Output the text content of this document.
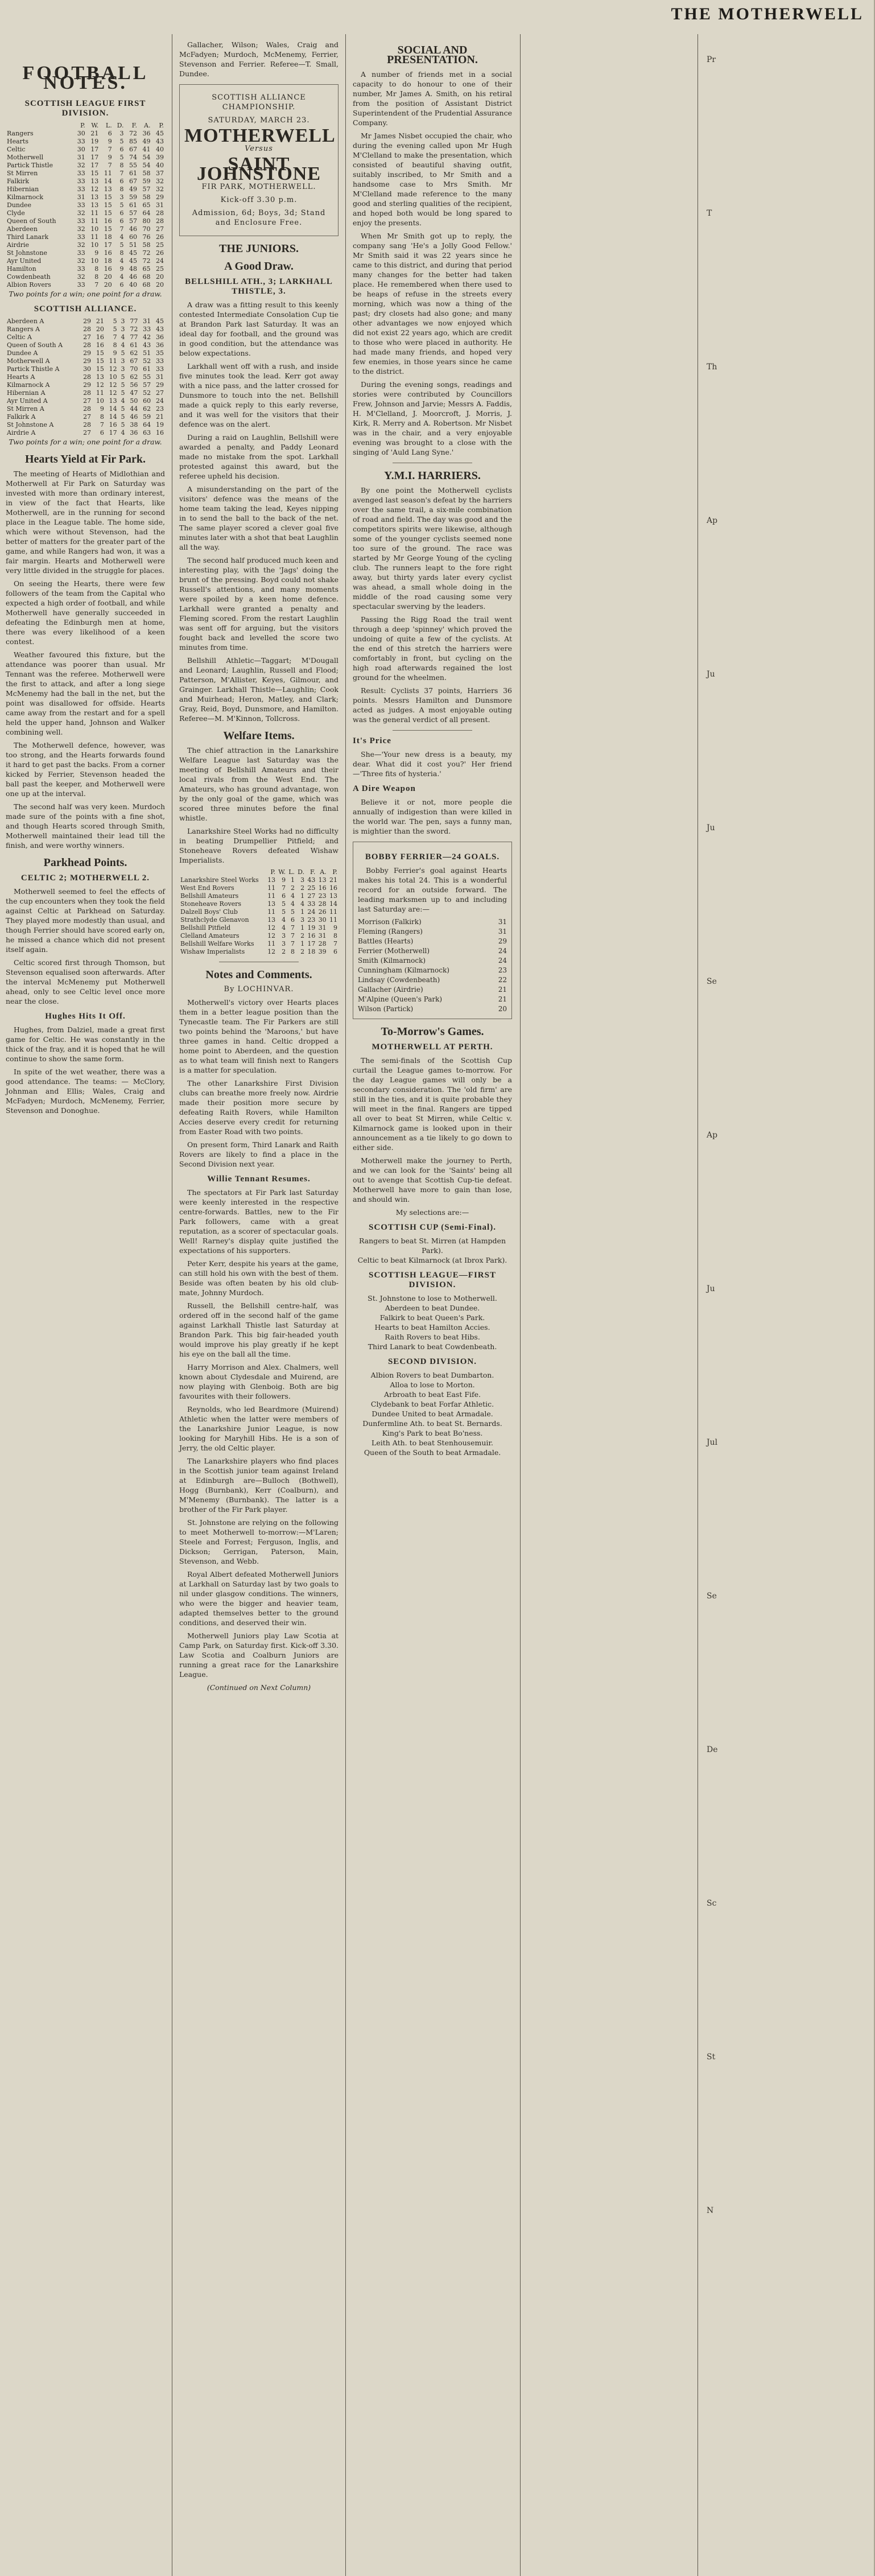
THE MOTHERWELL
FOOTBALL NOTES.
SCOTTISH LEAGUE FIRST DIVISION.
	P.	W.	L.	D.	F.	A.	P.
Rangers	30	21	6	3	72	36	45
Hearts	33	19	9	5	85	49	43
Celtic	30	17	7	6	67	41	40
Motherwell	31	17	9	5	74	54	39
Partick Thistle	32	17	7	8	55	54	40
St Mirren	33	15	11	7	61	58	37
Falkirk	33	13	14	6	67	59	32
Hibernian	33	12	13	8	49	57	32
Kilmarnock	31	13	15	3	59	58	29
Dundee	33	13	15	5	61	65	31
Clyde	32	11	15	6	57	64	28
Queen of South	33	11	16	6	57	80	28
Aberdeen	32	10	15	7	46	70	27
Third Lanark	33	11	18	4	60	76	26
Airdrie	32	10	17	5	51	58	25
St Johnstone	33	9	16	8	45	72	26
Ayr United	32	10	18	4	45	72	24
Hamilton	33	8	16	9	48	65	25
Cowdenbeath	32	8	20	4	46	68	20
Albion Rovers	33	7	20	6	40	68	20

Two points for a win; one point for a draw.

SCOTTISH ALLIANCE.
Aberdeen A	29	21	5	3	77	31	45
Rangers A	28	20	5	3	72	33	43
Celtic A	27	16	7	4	77	42	36
Queen of South A	28	16	8	4	61	43	36
Dundee A	29	15	9	5	62	51	35
Motherwell A	29	15	11	3	67	52	33
Partick Thistle A	30	15	12	3	70	61	33
Hearts A	28	13	10	5	62	55	31
Kilmarnock A	29	12	12	5	56	57	29
Hibernian A	28	11	12	5	47	52	27
Ayr United A	27	10	13	4	50	60	24
St Mirren A	28	9	14	5	44	62	23
Falkirk A	27	8	14	5	46	59	21
St Johnstone A	28	7	16	5	38	64	19
Airdrie A	27	6	17	4	36	63	16

Two points for a win; one point for a draw.

Hearts Yield at Fir Park.

The meeting of Hearts of Midlothian and Motherwell at Fir Park on Saturday was invested with more than ordinary interest, in view of the fact that Hearts, like Motherwell, are in the running for second place in the League table. The home side, which were without Stevenson, had the better of matters for the greater part of the game, and while Rangers had won, it was a fair margin. Hearts and Motherwell were very little divided in the struggle for places.

On seeing the Hearts, there were few followers of the team from the Capital who expected a high order of football, and while Motherwell have generally succeeded in defeating the Edinburgh men at home, there was every likelihood of a keen contest.

Weather favoured this fixture, but the attendance was poorer than usual. Mr Tennant was the referee. Motherwell were the first to attack, and after a long siege McMenemy had the ball in the net, but the point was disallowed for offside. Hearts came away from the restart and for a spell held the upper hand, Johnson and Walker combining well.

The Motherwell defence, however, was too strong, and the Hearts forwards found it hard to get past the backs. From a corner kicked by Ferrier, Stevenson headed the ball past the keeper, and Motherwell were one up at the interval.

The second half was very keen. Murdoch made sure of the points with a fine shot, and though Hearts scored through Smith, Motherwell maintained their lead till the finish, and were worthy winners.

Parkhead Points.
CELTIC 2; MOTHERWELL 2.

Motherwell seemed to feel the effects of the cup encounters when they took the field against Celtic at Parkhead on Saturday. They played more modestly than usual, and though Ferrier should have scored early on, he missed a chance which did not present itself again.

Celtic scored first through Thomson, but Stevenson equalised soon afterwards. After the interval McMenemy put Motherwell ahead, only to see Celtic level once more near the close.

Hughes Hits It Off.

Hughes, from Dalziel, made a great first game for Celtic. He was constantly in the thick of the fray, and it is hoped that he will continue to show the same form.

In spite of the wet weather, there was a good attendance. The teams: — McClory, Johnman and Ellis; Wales, Craig and McFadyen; Murdoch, McMenemy, Ferrier, Stevenson and Donoghue.

Gallacher, Wilson; Wales, Craig and McFadyen; Murdoch, McMenemy, Ferrier, Stevenson and Ferrier. Referee—T. Small, Dundee.

SCOTTISH ALLIANCE CHAMPIONSHIP.
SATURDAY, MARCH 23.
MOTHERWELL
Versus
SAINT JOHNSTONE
FIR PARK, MOTHERWELL.
Kick-off 3.30 p.m.
Admission, 6d; Boys, 3d; Stand and Enclosure Free.
THE JUNIORS.
A Good Draw.
BELLSHILL ATH., 3; LARKHALL THISTLE, 3.

A draw was a fitting result to this keenly contested Intermediate Consolation Cup tie at Brandon Park last Saturday. It was an ideal day for football, and the ground was in good condition, but the attendance was below expectations.

Larkhall went off with a rush, and inside five minutes took the lead. Kerr got away with a nice pass, and the latter crossed for Dunsmore to touch into the net. Bellshill made a quick reply to this early reverse, and it was well for the visitors that their defence was on the alert.

During a raid on Laughlin, Bellshill were awarded a penalty, and Paddy Leonard made no mistake from the spot. Larkhall protested against this award, but the referee upheld his decision.

A misunderstanding on the part of the visitors' defence was the means of the home team taking the lead, Keyes nipping in to send the ball to the back of the net. The same player scored a clever goal five minutes later with a shot that beat Laughlin all the way.

The second half produced much keen and interesting play, with the 'Jags' doing the brunt of the pressing. Boyd could not shake Russell's attentions, and many moments were spoiled by a keen home defence. Larkhall were granted a penalty and Fleming scored. From the restart Laughlin was sent off for arguing, but the visitors fought back and levelled the score two minutes from time.

Bellshill Athletic—Taggart; M'Dougall and Leonard; Laughlin, Russell and Flood; Patterson, M'Allister, Keyes, Gilmour, and Grainger. Larkhall Thistle—Laughlin; Cook and Muirhead; Heron, Matley, and Clark; Gray, Reid, Boyd, Dunsmore, and Hamilton. Referee—M. M'Kinnon, Tollcross.

Welfare Items.

The chief attraction in the Lanarkshire Welfare League last Saturday was the meeting of Bellshill Amateurs and their local rivals from the West End. The Amateurs, who has ground advantage, won by the only goal of the game, which was scored three minutes before the final whistle.

Lanarkshire Steel Works had no difficulty in beating Drumpellier Pitfield; and Stoneheave Rovers defeated Wishaw Imperialists.

	P.	W.	L.	D.	F.	A.	P.
Lanarkshire Steel Works	13	9	1	3	43	13	21
West End Rovers	11	7	2	2	25	16	16
Bellshill Amateurs	11	6	4	1	27	23	13
Stoneheave Rovers	13	5	4	4	33	28	14
Dalzell Boys' Club	11	5	5	1	24	26	11
Strathclyde Glenavon	13	4	6	3	23	30	11
Bellshill Pitfield	12	4	7	1	19	31	9
Clelland Amateurs	12	3	7	2	16	31	8
Bellshill Welfare Works	11	3	7	1	17	28	7
Wishaw Imperialists	12	2	8	2	18	39	6
Notes and Comments.
By LOCHINVAR.

Motherwell's victory over Hearts places them in a better league position than the Tynecastle team. The Fir Parkers are still two points behind the 'Maroons,' but have three games in hand. Celtic dropped a home point to Aberdeen, and the question as to what team will finish next to Rangers is a matter for speculation.

The other Lanarkshire First Division clubs can breathe more freely now. Airdrie made their position more secure by defeating Raith Rovers, while Hamilton Accies deserve every credit for returning from Easter Road with two points.

On present form, Third Lanark and Raith Rovers are likely to find a place in the Second Division next year.

Willie Tennant Resumes.

The spectators at Fir Park last Saturday were keenly interested in the respective centre-forwards. Battles, new to the Fir Park followers, came with a great reputation, as a scorer of spectacular goals. Well! Rarney's display quite justified the expectations of his supporters.

Peter Kerr, despite his years at the game, can still hold his own with the best of them. Beside was often beaten by his old club-mate, Johnny Murdoch.

Russell, the Bellshill centre-half, was ordered off in the second half of the game against Larkhall Thistle last Saturday at Brandon Park. This big fair-headed youth would improve his play greatly if he kept his eye on the ball all the time.

Harry Morrison and Alex. Chalmers, well known about Clydesdale and Muirend, are now playing with Glenboig. Both are big favourites with their followers.

Reynolds, who led Beardmore (Muirend) Athletic when the latter were members of the Lanarkshire Junior League, is now looking for Maryhill Hibs. He is a son of Jerry, the old Celtic player.

The Lanarkshire players who find places in the Scottish junior team against Ireland at Edinburgh are—Bulloch (Bothwell), Hogg (Burnbank), Kerr (Coalburn), and M'Menemy (Burnbank). The latter is a brother of the Fir Park player.

St. Johnstone are relying on the following to meet Motherwell to-morrow:—M'Laren; Steele and Forrest; Ferguson, Inglis, and Dickson; Gerrigan, Paterson, Main, Stevenson, and Webb.

Royal Albert defeated Motherwell Juniors at Larkhall on Saturday last by two goals to nil under glasgow conditions. The winners, who were the bigger and heavier team, adapted themselves better to the ground conditions, and deserved their win.

Motherwell Juniors play Law Scotia at Camp Park, on Saturday first. Kick-off 3.30. Law Scotia and Coalburn Juniors are running a great race for the Lanarkshire League.

(Continued on Next Column)

SOCIAL AND PRESENTATION.

A number of friends met in a social capacity to do honour to one of their number, Mr James A. Smith, on his retiral from the position of Assistant District Superintendent of the Prudential Assurance Company.

Mr James Nisbet occupied the chair, who during the evening called upon Mr Hugh M'Clelland to make the presentation, which consisted of beautiful shaving outfit, suitably inscribed, to Mr Smith and a handsome case to Mrs Smith. Mr M'Clelland made reference to the many good and sterling qualities of the recipient, and hoped both would be long spared to enjoy the presents.

When Mr Smith got up to reply, the company sang 'He's a Jolly Good Fellow.' Mr Smith said it was 22 years since he came to this district, and during that period many changes for the better had taken place. He remembered when there used to be heaps of refuse in the streets every morning, which was now a thing of the past; dry closets had also gone; and many other advantages we now enjoyed which did not exist 22 years ago, which are credit to those who were placed in authority. He had made many friends, and hoped very few enemies, in those years since he came to the district.

During the evening songs, readings and stories were contributed by Councillors Frew, Johnson and Jarvie; Messrs A. Faddis, H. M'Clelland, J. Moorcroft, J. Morris, J. Kirk, R. Merry and A. Robertson. Mr Nisbet was in the chair, and a very enjoyable evening was brought to a close with the singing of 'Auld Lang Syne.'

Y.M.I. HARRIERS.

By one point the Motherwell cyclists avenged last season's defeat by the harriers over the same trail, a six-mile combination of road and field. The day was good and the competitors spirits were likewise, although some of the younger cyclists seemed none too sure of the ground. The race was started by Mr George Young of the cycling club. The runners leapt to the fore right away, but thirty yards later every cyclist was ahead, a small whole doing in the middle of the road causing some very spectacular swerving by the leaders.

Passing the Rigg Road the trail went through a deep 'spinney' which proved the undoing of quite a few of the cyclists. At the end of this stretch the harriers were comfortably in front, but cycling on the high road afterwards regained the lost ground for the wheelmen.

Result: Cyclists 37 points, Harriers 36 points. Messrs Hamilton and Dunsmore acted as judges. A most enjoyable outing was the general verdict of all present.

It's Price

She—'Your new dress is a beauty, my dear. What did it cost you?' Her friend—'Three fits of hysteria.'

A Dire Weapon

Believe it or not, more people die annually of indigestion than were killed in the world war. The pen, says a funny man, is mightier than the sword.

BOBBY FERRIER—24 GOALS.

Bobby Ferrier's goal against Hearts makes his total 24. This is a wonderful record for an outside forward. The leading marksmen up to and including last Saturday are:—

Morrison (Falkirk)	31
Fleming (Rangers)	31
Battles (Hearts)	29
Ferrier (Motherwell)	24
Smith (Kilmarnock)	24
Cunningham (Kilmarnock)	23
Lindsay (Cowdenbeath)	22
Gallacher (Airdrie)	21
M'Alpine (Queen's Park)	21
Wilson (Partick)	20
To-Morrow's Games.
MOTHERWELL AT PERTH.

The semi-finals of the Scottish Cup curtail the League games to-morrow. For the day League games will only be a secondary consideration. The 'old firm' are still in the ties, and it is quite probable they will meet in the final. Rangers are tipped all over to beat St Mirren, while Celtic v. Kilmarnock game is looked upon in their announcement as a tie likely to go down to either side.

Motherwell make the journey to Perth, and we can look for the 'Saints' being all out to avenge that Scottish Cup-tie defeat. Motherwell have more to gain than lose, and should win.

My selections are:—

SCOTTISH CUP (Semi-Final).
Rangers to beat St. Mirren (at Hampden Park).
Celtic to beat Kilmarnock (at Ibrox Park).
SCOTTISH LEAGUE—FIRST DIVISION.
St. Johnstone to lose to Motherwell.
Aberdeen to beat Dundee.
Falkirk to beat Queen's Park.
Hearts to beat Hamilton Accies.
Raith Rovers to beat Hibs.
Third Lanark to beat Cowdenbeath.
SECOND DIVISION.
Albion Rovers to beat Dumbarton.
Alloa to lose to Morton.
Arbroath to beat East Fife.
Clydebank to beat Forfar Athletic.
Dundee United to beat Armadale.
Dunfermline Ath. to beat St. Bernards.
King's Park to beat Bo'ness.
Leith Ath. to beat Stenhousemuir.
Queen of the South to beat Armadale.
Pr
T
Th
Ap
Ju
Ju
Se
Ap
Ju
Jul
Se
De
Sc
St
N
